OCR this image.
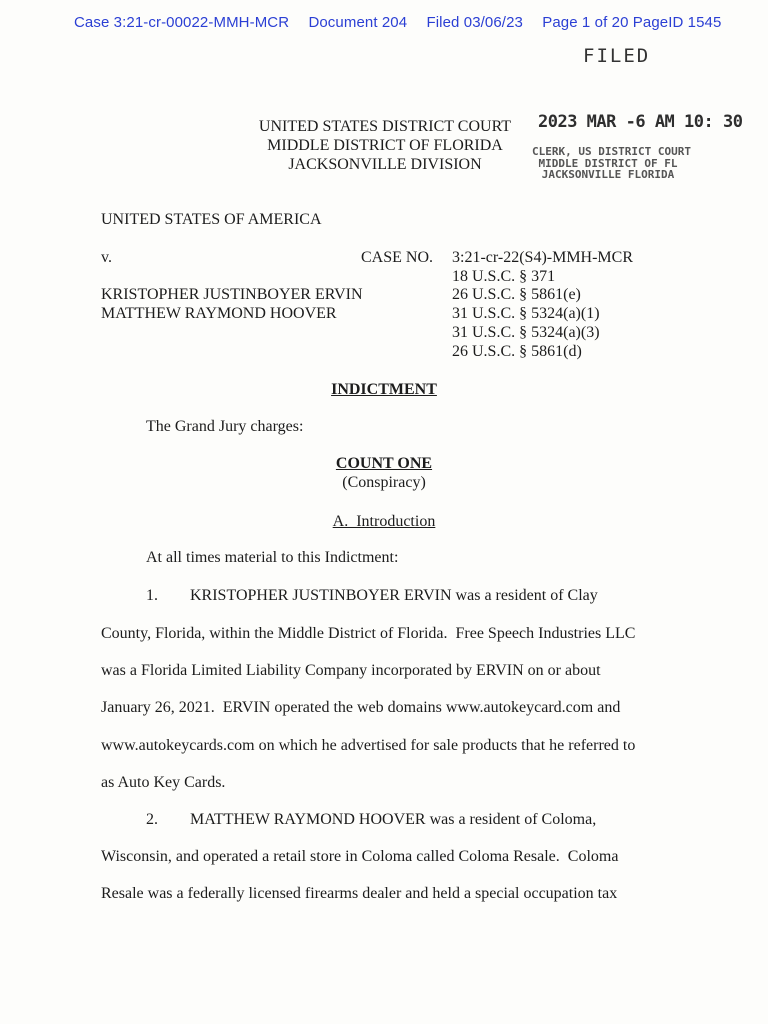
Case 3:21-cr-00022-MMH-MCR Document 204 Filed 03/06/23 Page 1 of 20 PageID 1545
FILED
2023 MAR -6 AM 10: 30
CLERK, US DISTRICT COURT
MIDDLE DISTRICT OF FL
JACKSONVILLE FLORIDA
UNITED STATES DISTRICT COURT
MIDDLE DISTRICT OF FLORIDA
JACKSONVILLE DIVISION
UNITED STATES OF AMERICA
v.	CASE NO.
KRISTOPHER JUSTINBOYER ERVIN
MATTHEW RAYMOND HOOVER
3:21-cr-22(S4)-MMH-MCR
18 U.S.C. § 371
26 U.S.C. § 5861(e)
31 U.S.C. § 5324(a)(1)
31 U.S.C. § 5324(a)(3)
26 U.S.C. § 5861(d)
INDICTMENT
The Grand Jury charges:
COUNT ONE
(Conspiracy)
A.  Introduction
At all times material to this Indictment:
1.        KRISTOPHER JUSTINBOYER ERVIN was a resident of Clay
County, Florida, within the Middle District of Florida.  Free Speech Industries LLC
was a Florida Limited Liability Company incorporated by ERVIN on or about
January 26, 2021.  ERVIN operated the web domains www.autokeycard.com and
www.autokeycards.com on which he advertised for sale products that he referred to
as Auto Key Cards.
2.        MATTHEW RAYMOND HOOVER was a resident of Coloma,
Wisconsin, and operated a retail store in Coloma called Coloma Resale.  Coloma
Resale was a federally licensed firearms dealer and held a special occupation tax
